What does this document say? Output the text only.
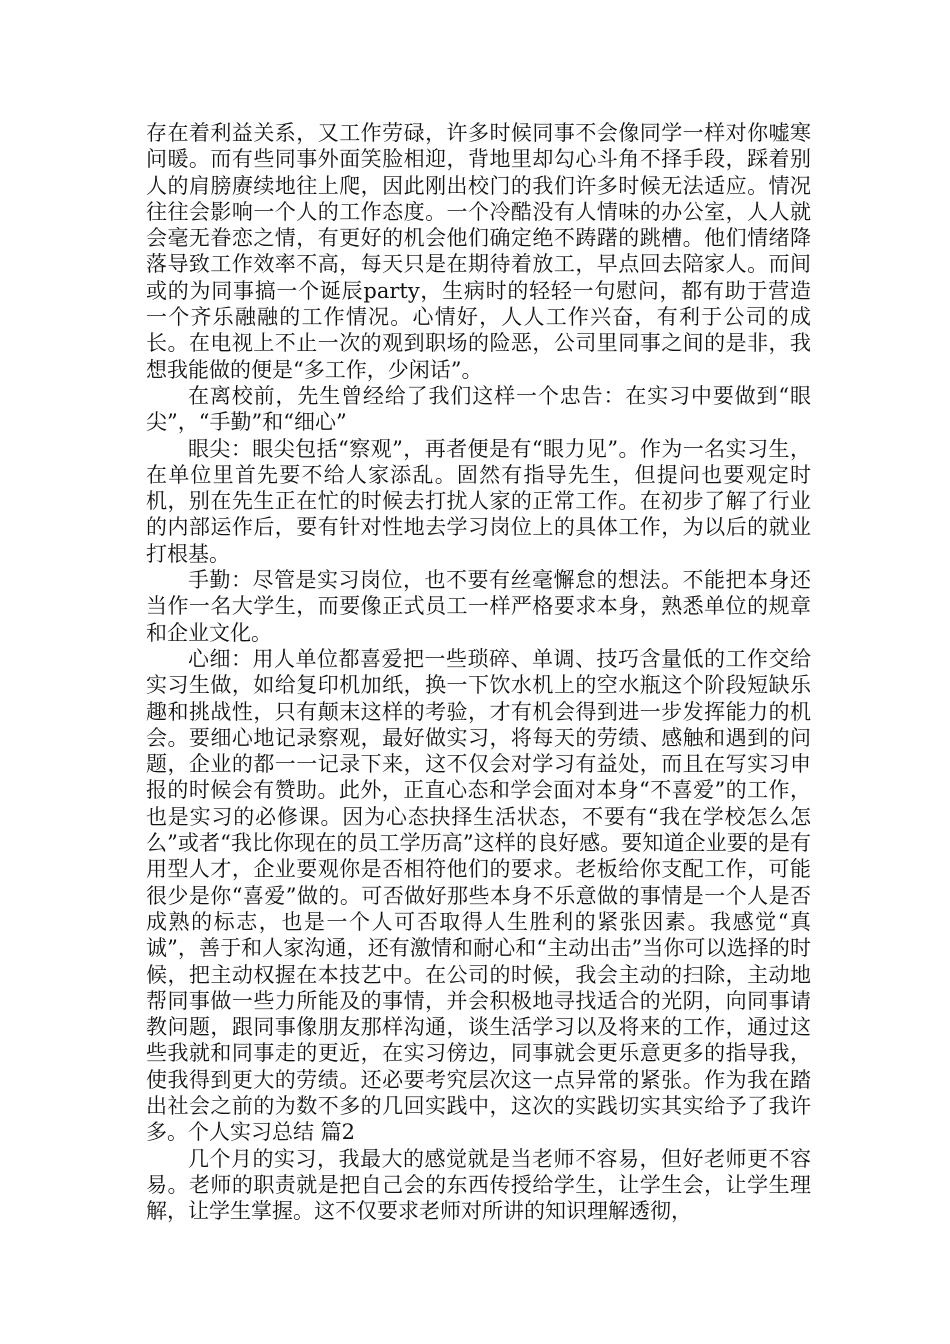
存在着利益关系，又工作劳碌，许多时候同事不会像同学一样对你嘘寒问暖。而有些同事外面笑脸相迎，背地里却勾心斗角不择手段，踩着别人的肩膀赓续地往上爬，因此刚出校门的我们许多时候无法适应。情况往往会影响一个人的工作态度。一个冷酷没有人情味的办公室，人人就会毫无眷恋之情，有更好的机会他们确定绝不踌躇的跳槽。他们情绪降落导致工作效率不高，每天只是在期待着放工，早点回去陪家人。而间或的为同事搞一个诞辰party，生病时的轻轻一句慰问，都有助于营造一个齐乐融融的工作情况。心情好，人人工作兴奋，有利于公司的成长。在电视上不止一次的观到职场的险恶，公司里同事之间的是非，我想我能做的便是“多工作，少闲话”。

在离校前，先生曾经给了我们这样一个忠告：在实习中要做到“眼尖”，“手勤”和“细心”

眼尖：眼尖包括“察观”，再者便是有“眼力见”。作为一名实习生，在单位里首先要不给人家添乱。固然有指导先生，但提问也要观定时机，别在先生正在忙的时候去打扰人家的正常工作。在初步了解了行业的内部运作后，要有针对性地去学习岗位上的具体工作，为以后的就业打根基。

手勤：尽管是实习岗位，也不要有丝毫懈怠的想法。不能把本身还当作一名大学生，而要像正式员工一样严格要求本身，熟悉单位的规章和企业文化。

心细：用人单位都喜爱把一些琐碎、单调、技巧含量低的工作交给实习生做，如给复印机加纸，换一下饮水机上的空水瓶这个阶段短缺乐趣和挑战性，只有颠末这样的考验，才有机会得到进一步发挥能力的机会。要细心地记录察观，最好做实习，将每天的劳绩、感触和遇到的问题，企业的都一一记录下来，这不仅会对学习有益处，而且在写实习申报的时候会有赞助。此外，正直心态和学会面对本身“不喜爱”的工作，也是实习的必修课。因为心态抉择生活状态，不要有“我在学校怎么怎么”或者“我比你现在的员工学历高”这样的良好感。要知道企业要的是有用型人才，企业要观你是否相符他们的要求。老板给你支配工作，可能很少是你“喜爱”做的。可否做好那些本身不乐意做的事情是一个人是否成熟的标志，也是一个人可否取得人生胜利的紧张因素。我感觉“真诚”，善于和人家沟通，还有激情和耐心和“主动出击”当你可以选择的时候，把主动权握在本技艺中。在公司的时候，我会主动的扫除，主动地帮同事做一些力所能及的事情，并会积极地寻找适合的光阴，向同事请教问题，跟同事像朋友那样沟通，谈生活学习以及将来的工作，通过这些我就和同事走的更近，在实习傍边，同事就会更乐意更多的指导我，使我得到更大的劳绩。还必要考究层次这一点异常的紧张。作为我在踏出社会之前的为数不多的几回实践中，这次的实践切实其实给予了我许多。个人实习总结 篇2

几个月的实习，我最大的感觉就是当老师不容易，但好老师更不容易。老师的职责就是把自己会的东西传授给学生，让学生会，让学生理解，让学生掌握。这不仅要求老师对所讲的知识理解透彻，
